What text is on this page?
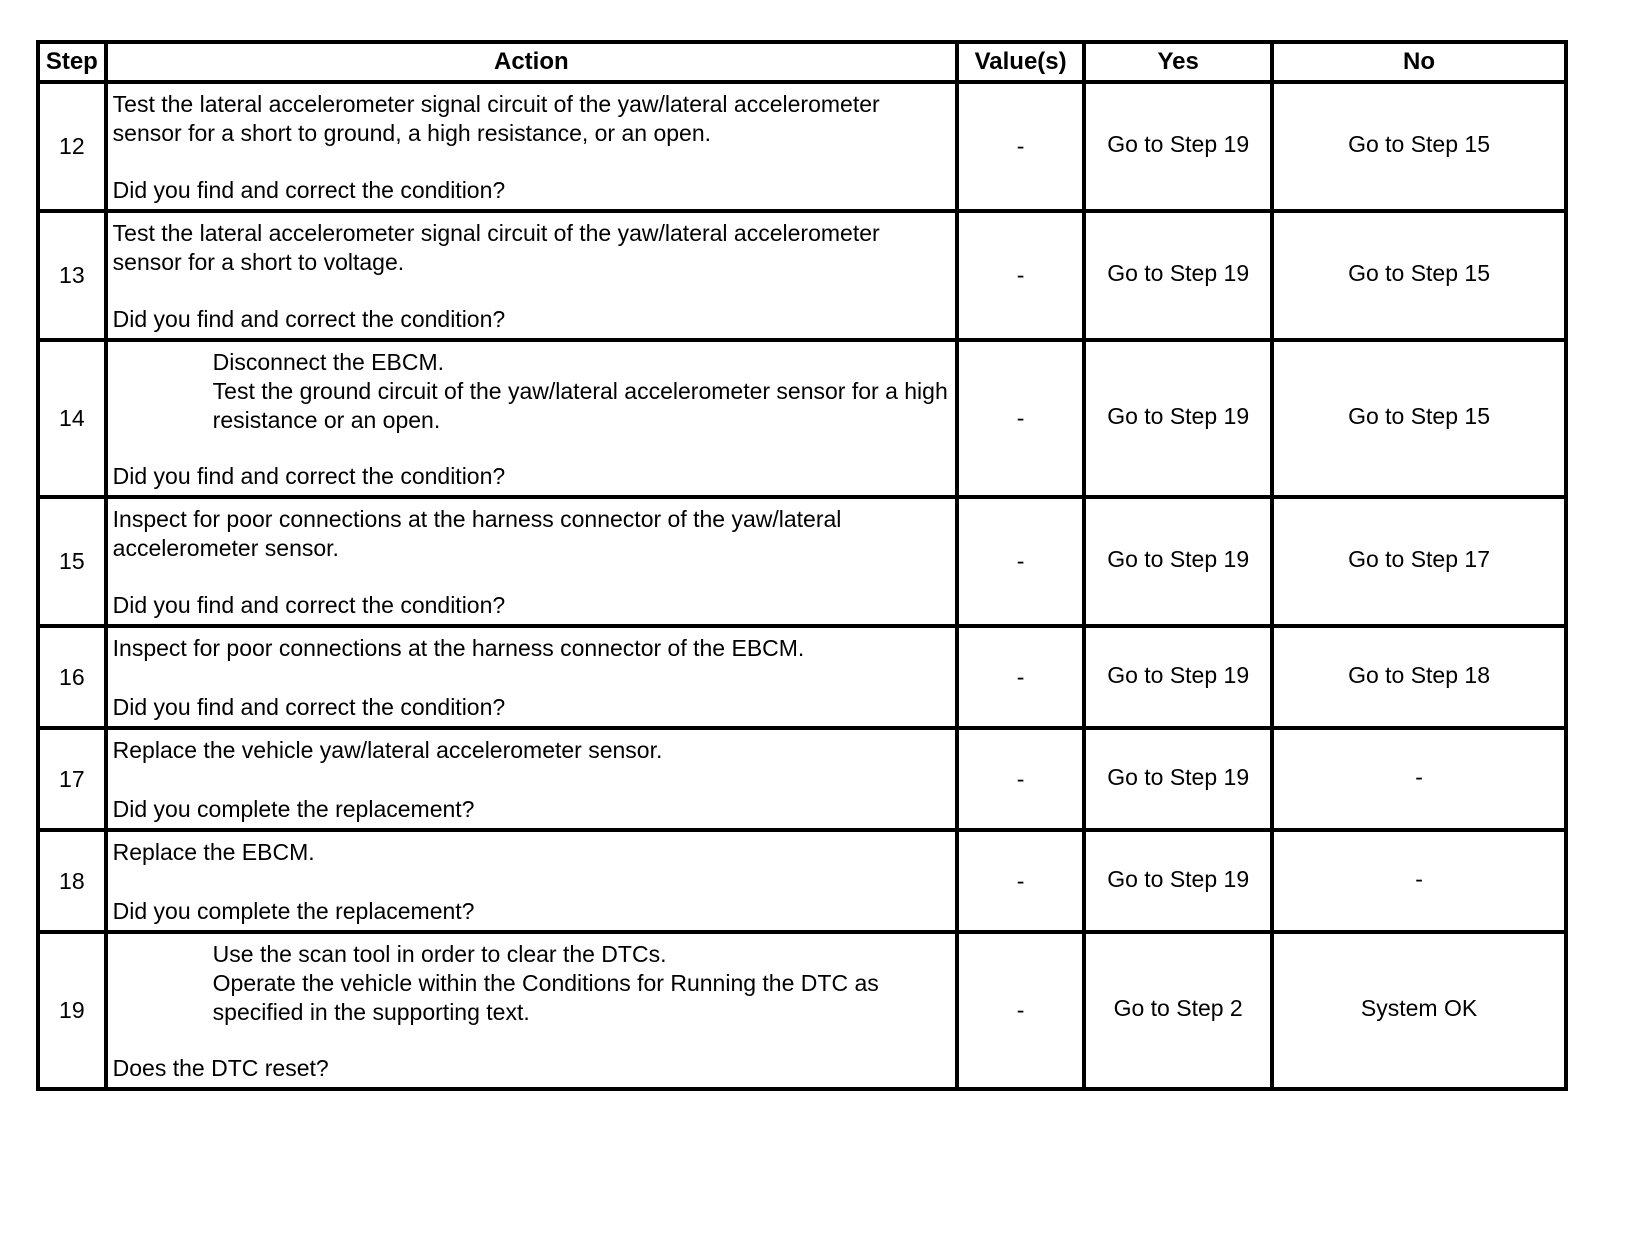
Step	Action	Value(s)	Yes	No
12	Test the lateral accelerometer signal circuit of the yaw/lateral accelerometer sensor for a short to ground, a high resistance, or an open.
Did you find and correct the condition?	-	Go to Step 19	Go to Step 15
13	Test the lateral accelerometer signal circuit of the yaw/lateral accelerometer sensor for a short to voltage.
Did you find and correct the condition?	-	Go to Step 19	Go to Step 15
14	Disconnect the EBCM.
Test the ground circuit of the yaw/lateral accelerometer sensor for a high resistance or an open.
Did you find and correct the condition?	-	Go to Step 19	Go to Step 15
15	Inspect for poor connections at the harness connector of the yaw/lateral accelerometer sensor.
Did you find and correct the condition?	-	Go to Step 19	Go to Step 17
16	Inspect for poor connections at the harness connector of the EBCM.
Did you find and correct the condition?	-	Go to Step 19	Go to Step 18
17	Replace the vehicle yaw/lateral accelerometer sensor.
Did you complete the replacement?	-	Go to Step 19	-
18	Replace the EBCM.
Did you complete the replacement?	-	Go to Step 19	-
19	Use the scan tool in order to clear the DTCs.
Operate the vehicle within the Conditions for Running the DTC as specified in the supporting text.
Does the DTC reset?	-	Go to Step 2	System OK
